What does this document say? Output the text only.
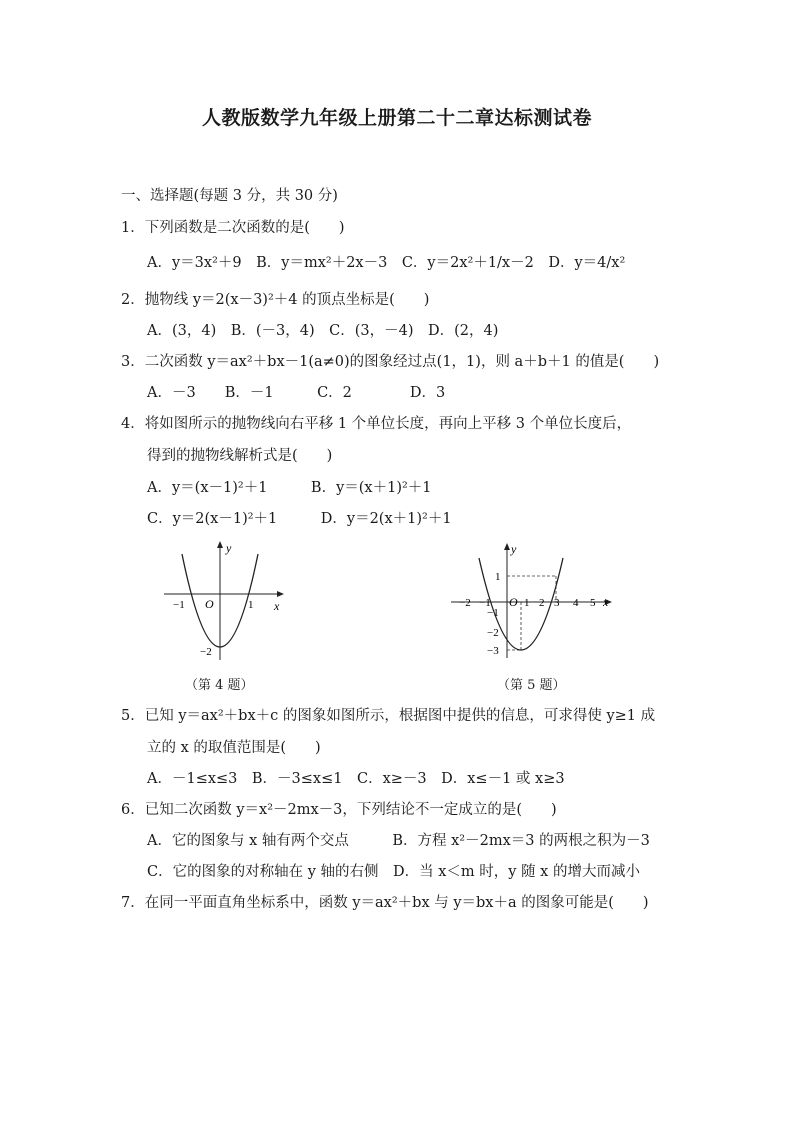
人教版数学九年级上册第二十二章达标测试卷
一、选择题(每题 3 分，共 30 分)
1．下列函数是二次函数的是(　　)
A．y＝3x²＋9　B．y＝mx²＋2x－3　C．y＝2x²＋1/x－2　D．y＝4/x²
2．抛物线 y＝2(x－3)²＋4 的顶点坐标是(　　)
A．(3，4)　B．(－3，4)　C．(3，－4)　D．(2，4)
3．二次函数 y＝ax²＋bx－1(a≠0)的图象经过点(1，1)，则 a＋b＋1 的值是(　　)
A．－3　　B．－1　　　C．2　　　　D．3
4．将如图所示的抛物线向右平移 1 个单位长度，再向上平移 3 个单位长度后，
得到的抛物线解析式是(　　)
A．y＝(x－1)²＋1　　　B．y＝(x＋1)²＋1
C．y＝2(x－1)²＋1　　　D．y＝2(x＋1)²＋1
y
x
O
−1	1
−2
（第 4 题）
y
x
O
−2 −1	1 2 3 4 5
1
−1
−2
−3
（第 5 题）
5．已知 y＝ax²＋bx＋c 的图象如图所示，根据图中提供的信息，可求得使 y≥1 成
立的 x 的取值范围是(　　)
A．－1≤x≤3　B．－3≤x≤1　C．x≥－3　D．x≤－1 或 x≥3
6．已知二次函数 y＝x²－2mx－3，下列结论不一定成立的是(　　)
A．它的图象与 x 轴有两个交点　　　B．方程 x²－2mx＝3 的两根之积为－3
C．它的图象的对称轴在 y 轴的右侧　D．当 x＜m 时，y 随 x 的增大而减小
7．在同一平面直角坐标系中，函数 y＝ax²＋bx 与 y＝bx＋a 的图象可能是(　　)
